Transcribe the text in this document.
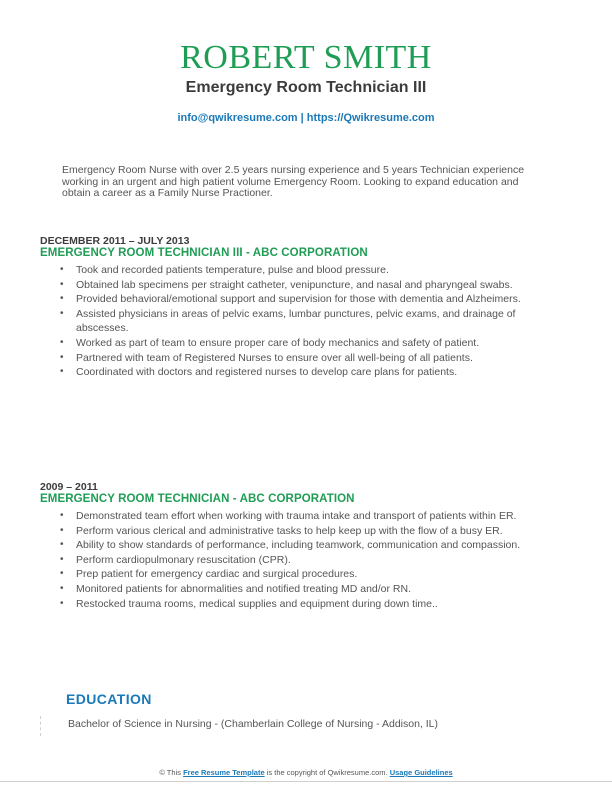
ROBERT SMITH
Emergency Room Technician III
info@qwikresume.com | https://Qwikresume.com
Emergency Room Nurse with over 2.5 years nursing experience and 5 years Technician experience working in an urgent and high patient volume Emergency Room. Looking to expand education and obtain a career as a Family Nurse Practioner.
DECEMBER 2011 – JULY 2013
EMERGENCY ROOM TECHNICIAN III - ABC CORPORATION
• Took and recorded patients temperature, pulse and blood pressure.
• Obtained lab specimens per straight catheter, venipuncture, and nasal and pharyngeal swabs.
• Provided behavioral/emotional support and supervision for those with dementia and Alzheimers.
• Assisted physicians in areas of pelvic exams, lumbar punctures, pelvic exams, and drainage of abscesses.
• Worked as part of team to ensure proper care of body mechanics and safety of patient.
• Partnered with team of Registered Nurses to ensure over all well-being of all patients.
• Coordinated with doctors and registered nurses to develop care plans for patients.
2009 – 2011
EMERGENCY ROOM TECHNICIAN - ABC CORPORATION
• Demonstrated team effort when working with trauma intake and transport of patients within ER.
• Perform various clerical and administrative tasks to help keep up with the flow of a busy ER.
• Ability to show standards of performance, including teamwork, communication and compassion.
• Perform cardiopulmonary resuscitation (CPR).
• Prep patient for emergency cardiac and surgical procedures.
• Monitored patients for abnormalities and notified treating MD and/or RN.
• Restocked trauma rooms, medical supplies and equipment during down time..
EDUCATION
Bachelor of Science in Nursing - (Chamberlain College of Nursing - Addison, IL)
© This Free Resume Template is the copyright of Qwikresume.com. Usage Guidelines
